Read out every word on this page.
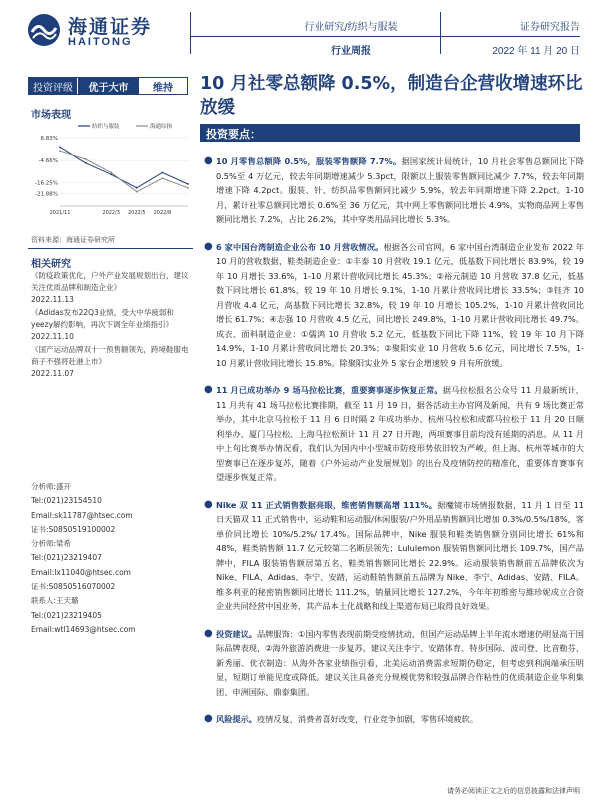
海通证券
HAITONG
行业研究/纺织与服装
行业周报
证券研究报告
2022 年 11 月 20 日
投资评级	优于大市	维持	10 月社零总额降 0.5%，制造台企营收增速环比放缓
市场表现
纺织与服装	海通综指
6.83%
-4.66%
-16.25%
-21.88%
2021/11	2022/3 2022/5 2022/8
资料来源：海通证券研究所
相关研究
《防疫政策优化，户外产业发展规划出台，建议关注优质品牌和制造企业》
2022.11.13
《Adidas发布22Q3业绩，受大中华疲弱和yeezy解约影响，再次下调全年业绩指引》
2022.11.10
《国产运动品牌双十一预售额领先，跨境鞋服电商子不强将赴港上市》
2022.11.07
分析师:盛开
Tel:(021)23154510
Email:sk11787@htsec.com
证书:S0850519100002
分析师:梁希
Tel:(021)23219407
Email:lx11040@htsec.com
证书:S0850516070002
联系人:王天璐
Tel:(021)23219405
Email:wtl14693@htsec.com
投资要点：
● 10 月零售总额降 0.5%，服装零售额降 7.7%。据国家统计局统计，10 月社会零售总额同比下降 0.5%至 4 万亿元，较去年同期增速减少 5.3pct，限额以上服装零售额同比减少 7.7%，较去年同期增速下降 4.2pct。服装、针、纺织品零售额同比减少 5.9%，较去年同期增速下降 2.2pct。1-10 月，累计社零总额同比增长 0.6%至 36 万亿元，其中网上零售额同比增长 4.9%，实物商品网上零售额同比增长 7.2%，占比 26.2%，其中穿类用品同比增长 5.3%。
● 6 家中国台湾制造企业公布 10 月营收情况。根据各公司官网，6 家中国台湾制造企业发布 2022 年 10 月的营收数据，鞋类制造企业：①丰泰 10 月营收 19.1 亿元，低基数下同比增长 83.9%，较 19 年 10 月增长 33.6%，1-10 月累计营收同比增长 45.3%；②裕元制造 10 月营收 37.8 亿元，低基数下同比增长 61.8%，较 19 年 10 月增长 9.1%，1-10 月累计营收同比增长 33.5%；③钰齐 10 月营收 4.4 亿元，高基数下同比增长 32.8%，较 19 年 10 月增长 105.2%，1-10 月累计营收同比增长 61.7%；④志强 10 月营收 4.5 亿元，同比增长 249.8%，1-10 月累计营收同比增长 49.7%。成衣、面料制造企业：①儒鸿 10 月营收 5.2 亿元，低基数下同比下降 11%，较 19 年 10 月下降 14.9%，1-10 月累计营收同比增长 20.3%；②聚阳实业 10 月营收 5.6 亿元，同比增长 7.5%，1-10 月累计营收同比增长 15.8%。除聚阳实业外 5 家台企增速较 9 月有所放缓。
● 11 月已成功举办 9 场马拉松比赛，重要赛事逐步恢复正常。据马拉松报名公众号 11 月最新统计，11 月共有 41 场马拉松比赛排期，截至 11 月 19 日，据各活动主办官网及新闻，共有 9 场比赛正常举办，其中北京马拉松于 11 月 6 日时隔 2 年成功举办、杭州马拉松和成都马拉松于 11 月 20 日顺利举办、厦门马拉松、上海马拉松预计 11 月 27 日开跑，两项赛事目前均没有延期的消息。从 11 月中上旬比赛举办情况看，我们认为国内中小型城市防疫形势依旧较为严峻，但上海、杭州等城市的大型赛事已在逐步复苏，随着《户外运动产业发展规划》的出台及疫情防控的精准化，重要体育赛事有望逐步恢复正常。
● Nike 双 11 正式销售数据亮眼，维密销售额高增 111%。据魔镜市场情报数据，11 月 1 日至 11 日天猫双 11 正式销售中，运动鞋和运动服/休闲服装/户外用品销售额同比增加 0.3%/0.5%/18%，客单价同比增长 10%/5.2%/ 17.4%。国际品牌中，Nike 服装和鞋类销售额分别同比增长 61%和 48%，鞋类销售额 11.7 亿元较第二名断层领先；Lululemon 服装销售额同比增长 109.7%，国产品牌中，FILA 服装销售额居第五名，鞋类销售额同比增长 22.9%。运动服装销售额前五品牌依次为 Nike、FILA、Adidas、李宁、安踏，运动鞋销售额前五品牌为 Nike、李宁、Adidas、安踏、FILA。维多利亚的秘密销售额同比增长 111.2%，销量同比增长 127.2%，今年年初维密与維珍妮成立合资企业共同经营中国业务，其产品本土化战略和线上渠道布局已取得良好效果。
● 投资建议。品牌服饰：①国内零售表现前期受疫情扰动，但国产运动品牌上半年流水增速仍明显高于国际品牌表现，②海外旅游消费进一步复苏，建议关注李宁、安踏体育、特步国际、波司登、比音勒芬、新秀丽、优衣制造：从海外各家业绩指引看，北美运动消费需求短期仍稳定，但考虑到利润端承压明显，短期订单能见度或降低。建议关注具备充分规模优势和较强品牌合作粘性的优质制造企业华利集团、申洲国际、鼎泰集团。
● 风险提示。疫情反复，消费者喜好改变，行业竞争加剧，零售环境疲软。
请务必阅读正文之后的信息披露和法律声明
